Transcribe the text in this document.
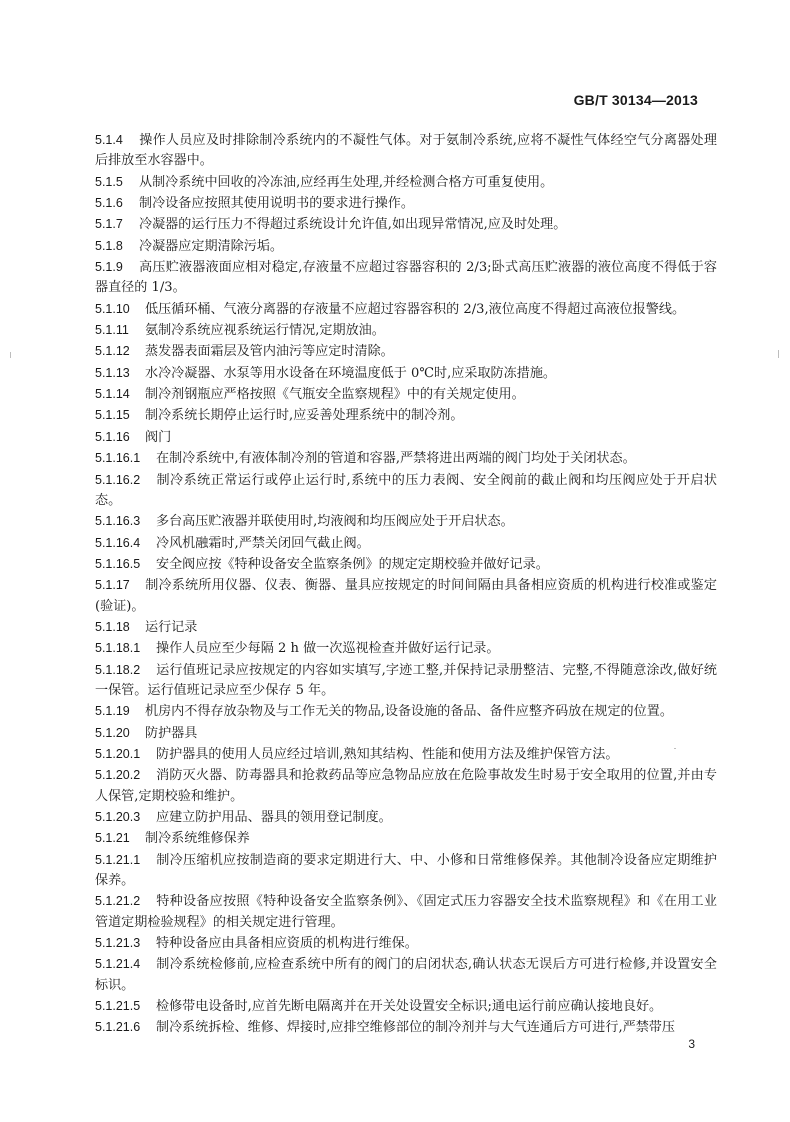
GB/T 30134—2013

5.1.4 操作人员应及时排除制冷系统内的不凝性气体。对于氨制冷系统,应将不凝性气体经空气分离器处理后排放至水容器中。

5.1.5 从制冷系统中回收的冷冻油,应经再生处理,并经检测合格方可重复使用。

5.1.6 制冷设备应按照其使用说明书的要求进行操作。

5.1.7 冷凝器的运行压力不得超过系统设计允许值,如出现异常情况,应及时处理。

5.1.8 冷凝器应定期清除污垢。

5.1.9 高压贮液器液面应相对稳定,存液量不应超过容器容积的 2/3;卧式高压贮液器的液位高度不得低于容器直径的 1/3。

5.1.10 低压循环桶、气液分离器的存液量不应超过容器容积的 2/3,液位高度不得超过高液位报警线。

5.1.11 氨制冷系统应视系统运行情况,定期放油。

5.1.12 蒸发器表面霜层及管内油污等应定时清除。

5.1.13 水冷冷凝器、水泵等用水设备在环境温度低于 0℃时,应采取防冻措施。

5.1.14 制冷剂钢瓶应严格按照《气瓶安全监察规程》中的有关规定使用。

5.1.15 制冷系统长期停止运行时,应妥善处理系统中的制冷剂。

5.1.16 阀门

5.1.16.1 在制冷系统中,有液体制冷剂的管道和容器,严禁将进出两端的阀门均处于关闭状态。

5.1.16.2 制冷系统正常运行或停止运行时,系统中的压力表阀、安全阀前的截止阀和均压阀应处于开启状态。

5.1.16.3 多台高压贮液器并联使用时,均液阀和均压阀应处于开启状态。

5.1.16.4 冷风机融霜时,严禁关闭回气截止阀。

5.1.16.5 安全阀应按《特种设备安全监察条例》的规定定期校验并做好记录。

5.1.17 制冷系统所用仪器、仪表、衡器、量具应按规定的时间间隔由具备相应资质的机构进行校准或鉴定(验证)。

5.1.18 运行记录

5.1.18.1 操作人员应至少每隔 2 h 做一次巡视检查并做好运行记录。

5.1.18.2 运行值班记录应按规定的内容如实填写,字迹工整,并保持记录册整洁、完整,不得随意涂改,做好统一保管。运行值班记录应至少保存 5 年。

5.1.19 机房内不得存放杂物及与工作无关的物品,设备设施的备品、备件应整齐码放在规定的位置。

5.1.20 防护器具

5.1.20.1 防护器具的使用人员应经过培训,熟知其结构、性能和使用方法及维护保管方法。

5.1.20.2 消防灭火器、防毒器具和抢救药品等应急物品应放在危险事故发生时易于安全取用的位置,并由专人保管,定期校验和维护。

5.1.20.3 应建立防护用品、器具的领用登记制度。

5.1.21 制冷系统维修保养

5.1.21.1 制冷压缩机应按制造商的要求定期进行大、中、小修和日常维修保养。其他制冷设备应定期维护保养。

5.1.21.2 特种设备应按照《特种设备安全监察条例》、《固定式压力容器安全技术监察规程》和《在用工业管道定期检验规程》的相关规定进行管理。

5.1.21.3 特种设备应由具备相应资质的机构进行维保。

5.1.21.4 制冷系统检修前,应检查系统中所有的阀门的启闭状态,确认状态无误后方可进行检修,并设置安全标识。

5.1.21.5 检修带电设备时,应首先断电隔离并在开关处设置安全标识;通电运行前应确认接地良好。

5.1.21.6 制冷系统拆检、维修、焊接时,应排空维修部位的制冷剂并与大气连通后方可进行,严禁带压

3
